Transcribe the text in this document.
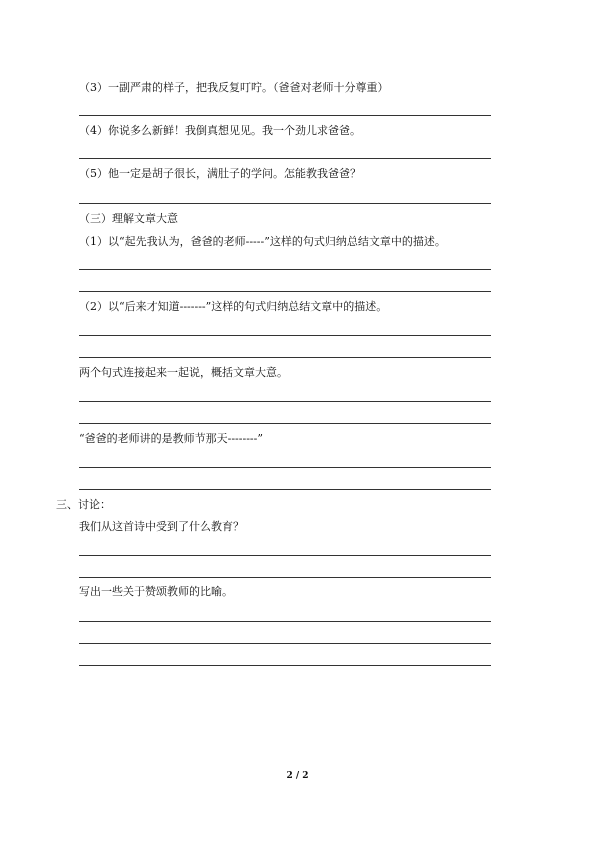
（3）一副严肃的样子，把我反复叮咛。（爸爸对老师十分尊重）
（4）你说多么新鲜！我倒真想见见。我一个劲儿求爸爸。
（5）他一定是胡子很长，满肚子的学问。怎能教我爸爸？
（三）理解文章大意
（1）以“起先我认为，爸爸的老师-----”这样的句式归纳总结文章中的描述。
（2）以“后来才知道-------”这样的句式归纳总结文章中的描述。
两个句式连接起来一起说，概括文章大意。
“爸爸的老师讲的是教师节那天--------”
三、讨论：
我们从这首诗中受到了什么教育？
写出一些关于赞颂教师的比喻。
2 / 2
